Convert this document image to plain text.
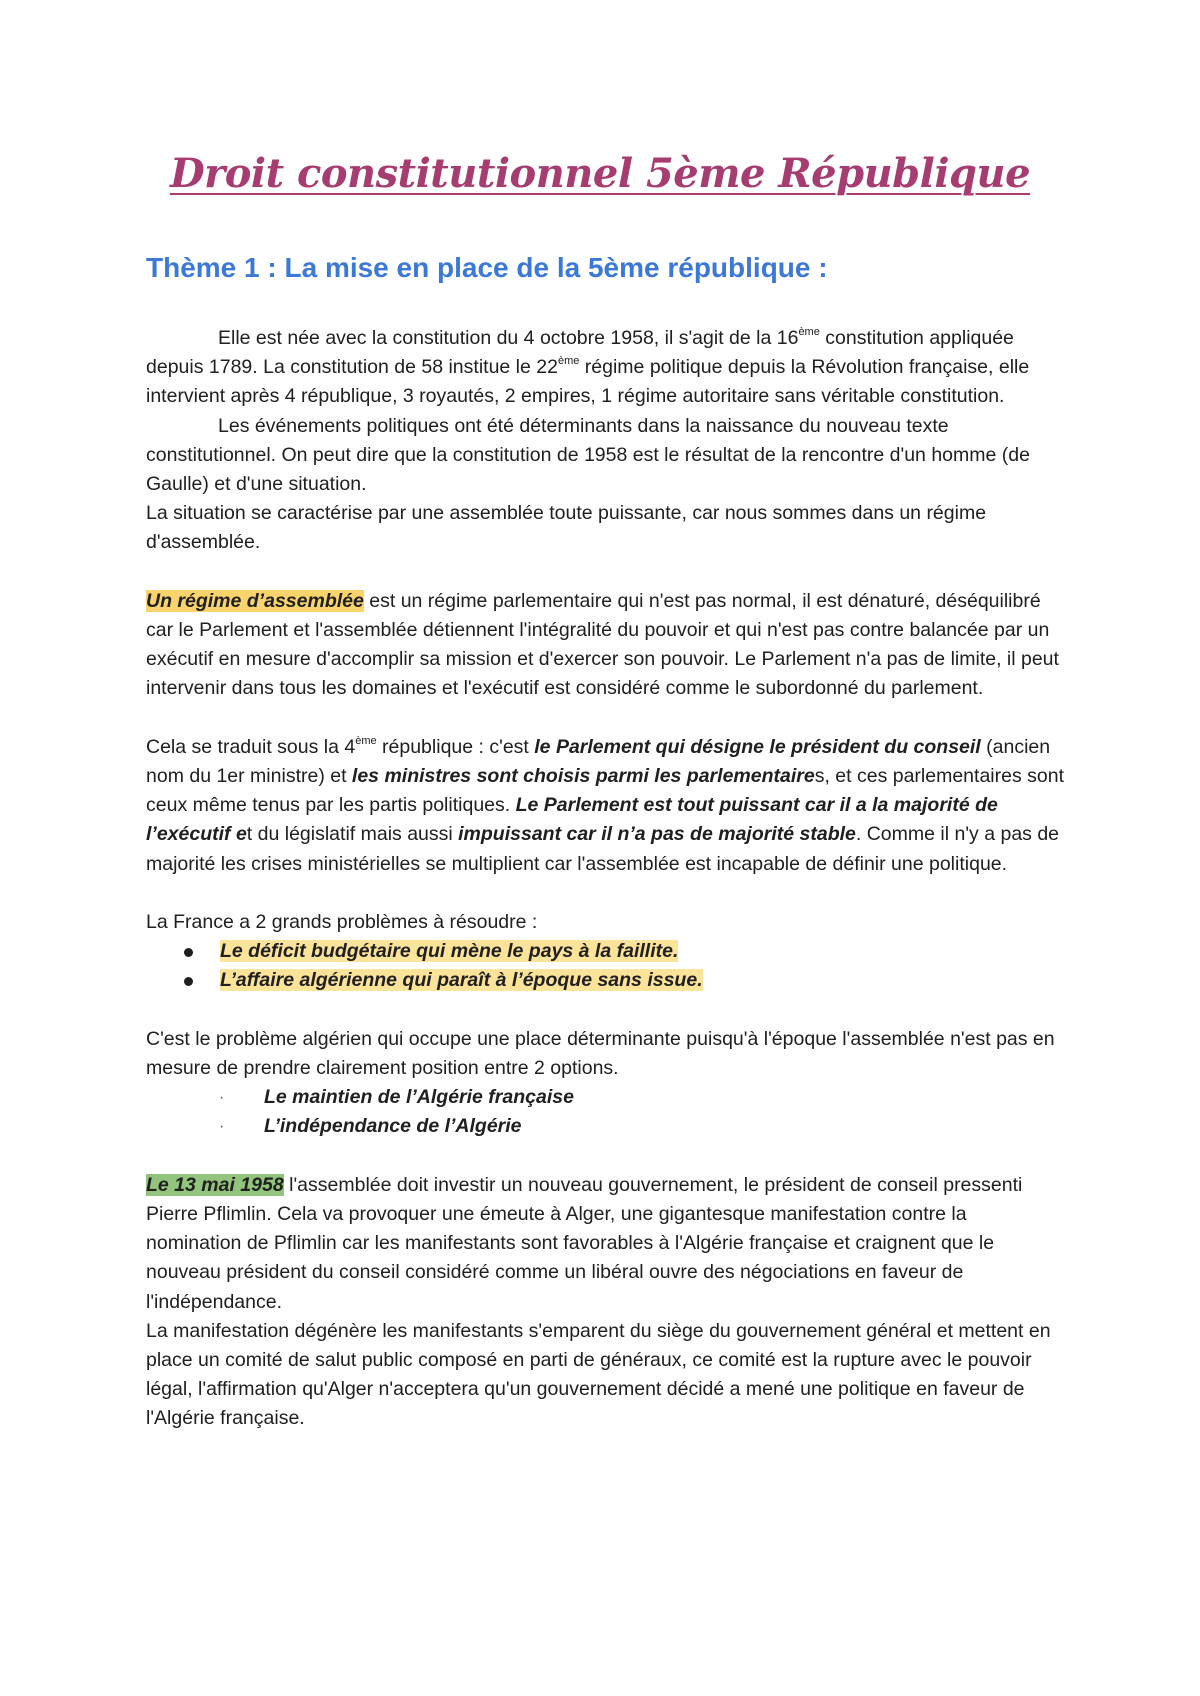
Droit constitutionnel 5ème République
Thème 1 : La mise en place de la 5ème république :

Elle est née avec la constitution du 4 octobre 1958, il s'agit de la 16ème constitution appliquée depuis 1789. La constitution de 58 institue le 22ème régime politique depuis la Révolution française, elle intervient après 4 république, 3 royautés, 2 empires, 1 régime autoritaire sans véritable constitution.

Les événements politiques ont été déterminants dans la naissance du nouveau texte constitutionnel. On peut dire que la constitution de 1958 est le résultat de la rencontre d'un homme (de Gaulle) et d'une situation.

La situation se caractérise par une assemblée toute puissante, car nous sommes dans un régime d'assemblée.

Un régime d’assemblée est un régime parlementaire qui n'est pas normal, il est dénaturé, déséquilibré car le Parlement et l'assemblée détiennent l'intégralité du pouvoir et qui n'est pas contre balancée par un exécutif en mesure d'accomplir sa mission et d'exercer son pouvoir. Le Parlement n'a pas de limite, il peut intervenir dans tous les domaines et l'exécutif est considéré comme le subordonné du parlement.

Cela se traduit sous la 4ème république : c'est le Parlement qui désigne le président du conseil (ancien nom du 1er ministre) et les ministres sont choisis parmi les parlementaires, et ces parlementaires sont ceux même tenus par les partis politiques. Le Parlement est tout puissant car il a la majorité de l’exécutif et du législatif mais aussi impuissant car il n’a pas de majorité stable. Comme il n'y a pas de majorité les crises ministérielles se multiplient car l'assemblée est incapable de définir une politique.

La France a 2 grands problèmes à résoudre :

Le déficit budgétaire qui mène le pays à la faillite.
L’affaire algérienne qui paraît à l’époque sans issue.

C'est le problème algérien qui occupe une place déterminante puisqu'à l'époque l'assemblée n'est pas en mesure de prendre clairement position entre 2 options.

· Le maintien de l’Algérie française
· L’indépendance de l’Algérie

Le 13 mai 1958 l'assemblée doit investir un nouveau gouvernement, le président de conseil pressenti Pierre Pflimlin. Cela va provoquer une émeute à Alger, une gigantesque manifestation contre la nomination de Pflimlin car les manifestants sont favorables à l'Algérie française et craignent que le nouveau président du conseil considéré comme un libéral ouvre des négociations en faveur de l'indépendance.

La manifestation dégénère les manifestants s'emparent du siège du gouvernement général et mettent en place un comité de salut public composé en parti de généraux, ce comité est la rupture avec le pouvoir légal, l'affirmation qu'Alger n'acceptera qu'un gouvernement décidé a mené une politique en faveur de l'Algérie française.
